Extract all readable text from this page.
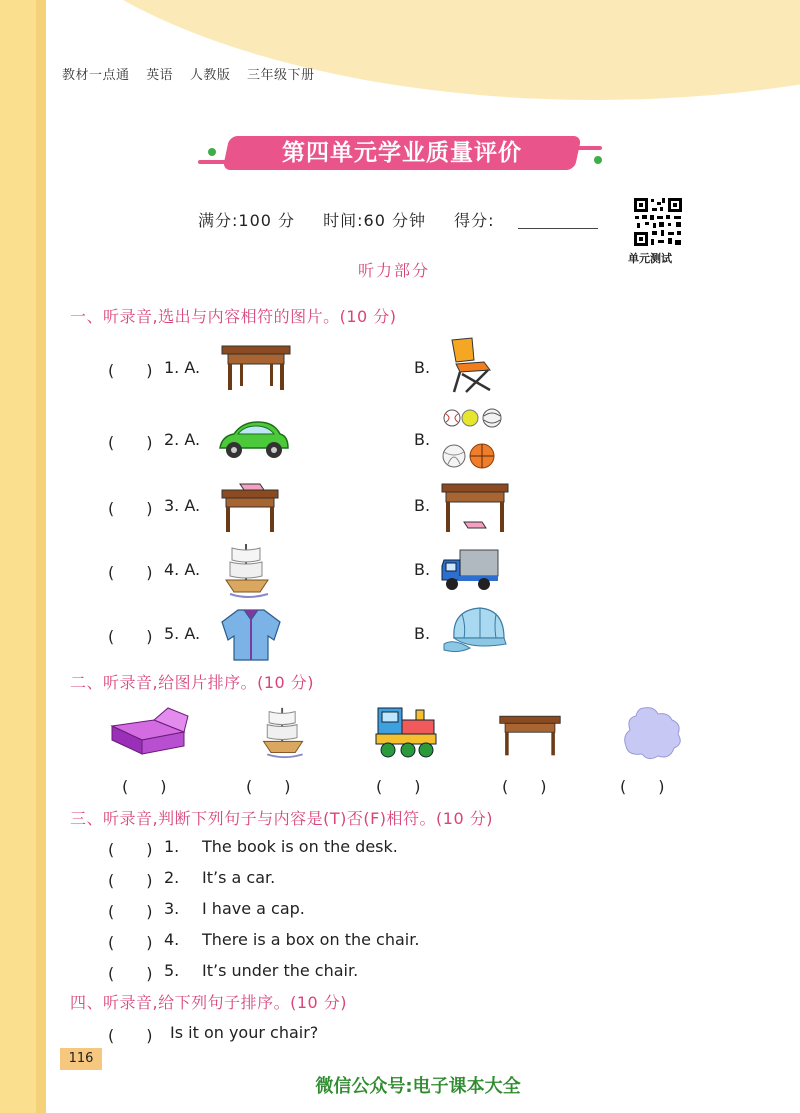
教材一点通 英语 人教版 三年级下册
第四单元学业质量评价
满分:100 分 时间:60 分钟 得分:
单元测试
听力部分
一、听录音,选出与内容相符的图片。(10 分)
(　　) 1. A.	B.
(　　) 2. A.	B.
(　　) 3. A.	B.
(　　) 4. A.	B.
(　　) 5. A.	B.
二、听录音,给图片排序。(10 分)
(　　)	(　　)	(　　)	(　　)	(　　)
三、听录音,判断下列句子与内容是(T)否(F)相符。(10 分)
(　　) 1. The book is on the desk.
(　　) 2. It’s a car.
(　　) 3. I have a cap.
(　　) 4. There is a box on the chair.
(　　) 5. It’s under the chair.
四、听录音,给下列句子排序。(10 分)
(　　) Is it on your chair?
116
微信公众号:电子课本大全
